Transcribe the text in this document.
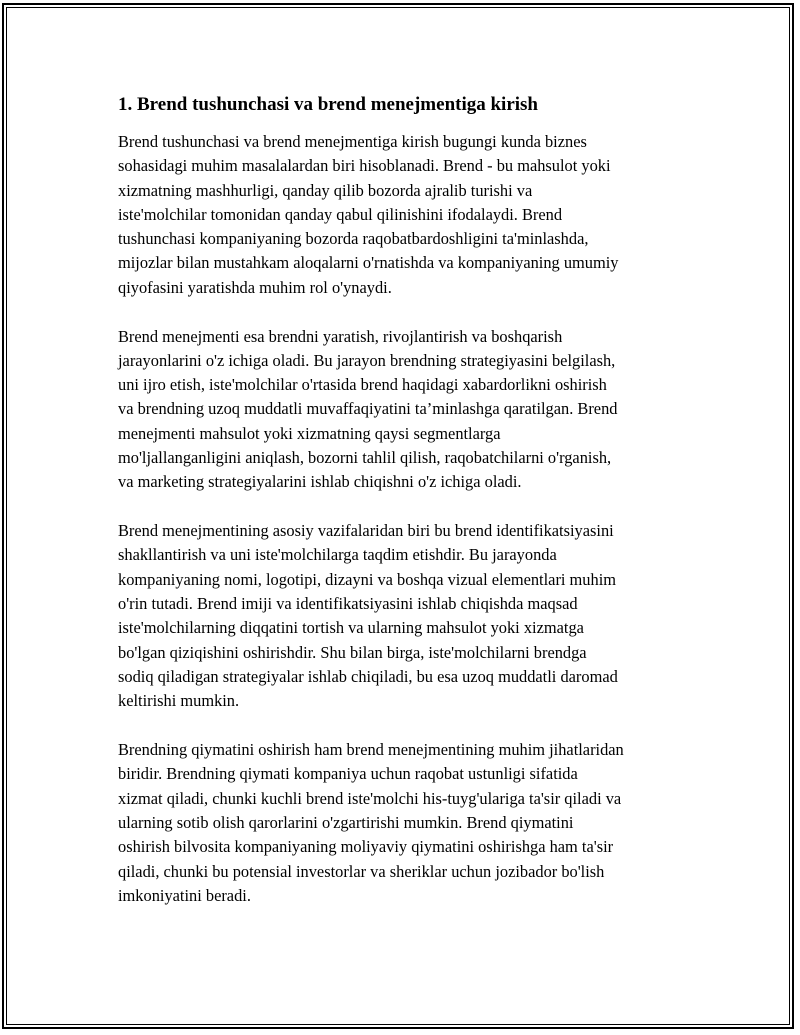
1. Brend tushunchasi va brend menejmentiga kirish

Brend tushunchasi va brend menejmentiga kirish bugungi kunda biznes
sohasidagi muhim masalalardan biri hisoblanadi. Brend - bu mahsulot yoki
xizmatning mashhurligi, qanday qilib bozorda ajralib turishi va
iste'molchilar tomonidan qanday qabul qilinishini ifodalaydi. Brend
tushunchasi kompaniyaning bozorda raqobatbardoshligini ta'minlashda,
mijozlar bilan mustahkam aloqalarni o'rnatishda va kompaniyaning umumiy
qiyofasini yaratishda muhim rol o'ynaydi.

Brend menejmenti esa brendni yaratish, rivojlantirish va boshqarish
jarayonlarini o'z ichiga oladi. Bu jarayon brendning strategiyasini belgilash,
uni ijro etish, iste'molchilar o'rtasida brend haqidagi xabardorlikni oshirish
va brendning uzoq muddatli muvaffaqiyatini ta’minlashga qaratilgan. Brend
menejmenti mahsulot yoki xizmatning qaysi segmentlarga
mo'ljallanganligini aniqlash, bozorni tahlil qilish, raqobatchilarni o'rganish,
va marketing strategiyalarini ishlab chiqishni o'z ichiga oladi.

Brend menejmentining asosiy vazifalaridan biri bu brend identifikatsiyasini
shakllantirish va uni iste'molchilarga taqdim etishdir. Bu jarayonda
kompaniyaning nomi, logotipi, dizayni va boshqa vizual elementlari muhim
o'rin tutadi. Brend imiji va identifikatsiyasini ishlab chiqishda maqsad
iste'molchilarning diqqatini tortish va ularning mahsulot yoki xizmatga
bo'lgan qiziqishini oshirishdir. Shu bilan birga, iste'molchilarni brendga
sodiq qiladigan strategiyalar ishlab chiqiladi, bu esa uzoq muddatli daromad
keltirishi mumkin.

Brendning qiymatini oshirish ham brend menejmentining muhim jihatlaridan
biridir. Brendning qiymati kompaniya uchun raqobat ustunligi sifatida
xizmat qiladi, chunki kuchli brend iste'molchi his-tuyg'ulariga ta'sir qiladi va
ularning sotib olish qarorlarini o'zgartirishi mumkin. Brend qiymatini
oshirish bilvosita kompaniyaning moliyaviy qiymatini oshirishga ham ta'sir
qiladi, chunki bu potensial investorlar va sheriklar uchun jozibador bo'lish
imkoniyatini beradi.
